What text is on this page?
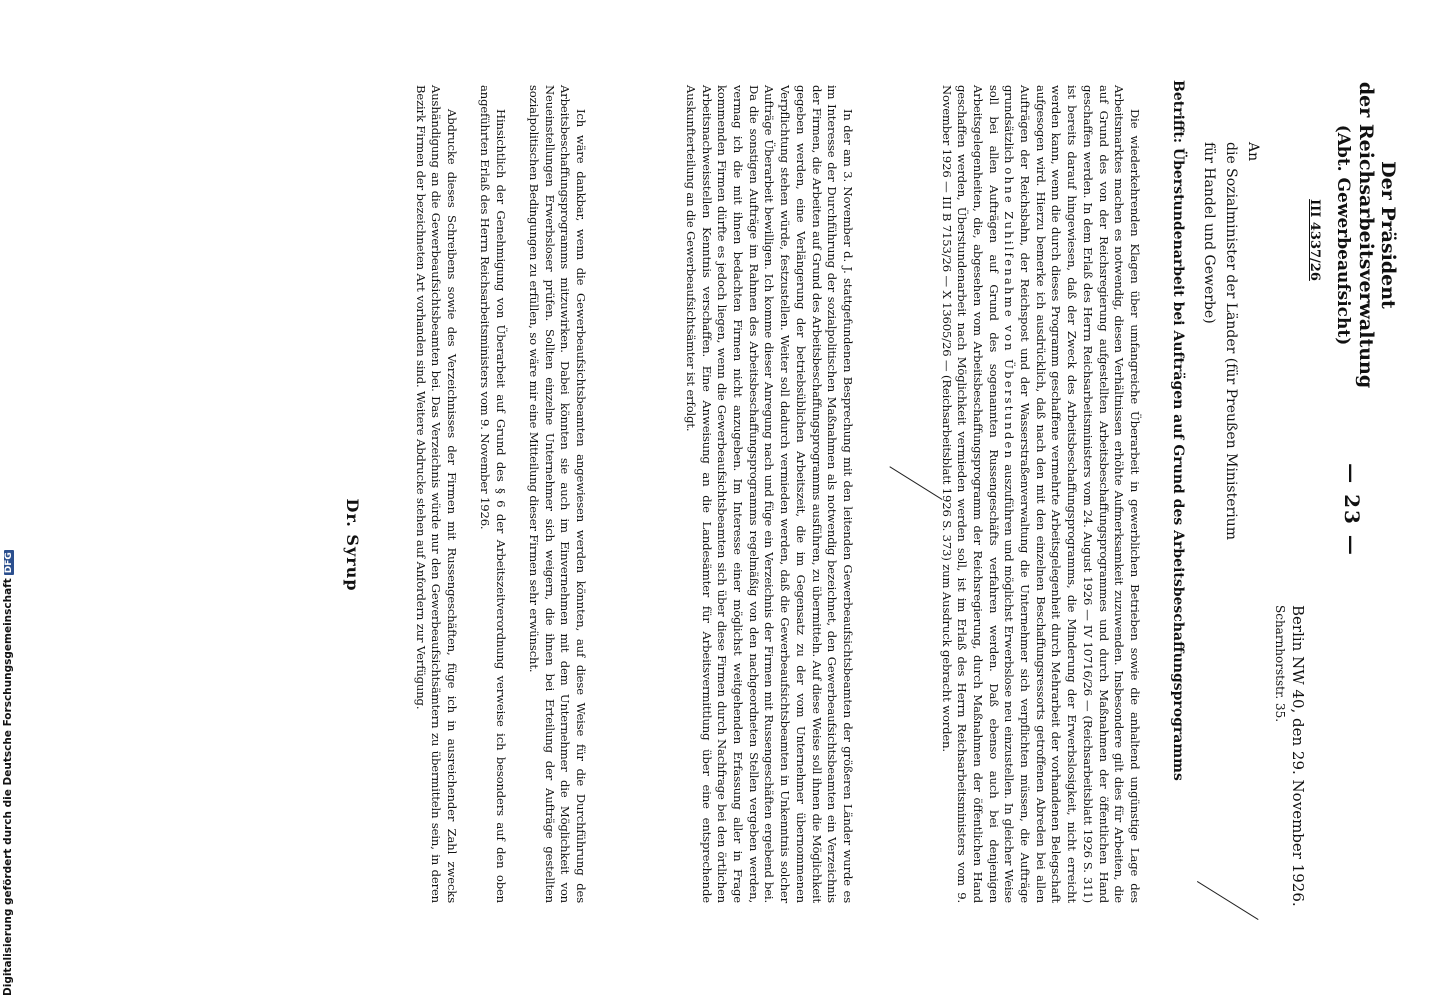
Der Präsident
der Reichsarbeitsverwaltung
(Abt. Gewerbeaufsicht)
III 4337/26
— 23 —
Berlin NW 40, den 29. November 1926.
Scharnhorststr. 35.
An
die Sozialminister der Länder (für Preußen Ministerium
für Handel und Gewerbe)
Betrifft: Überstundenarbeit bei Aufträgen auf Grund des Arbeitsbeschaffungsprogramms

Die wiederkehrenden Klagen über umfangreiche Überarbeit in gewerblichen Betrieben sowie die anhaltend ungünstige Lage des Arbeitsmarktes machen es notwendig, diesen Verhältnissen erhöhte Aufmerksamkeit zuzuwenden. Insbesondere gilt dies für Arbeiten, die auf Grund des von der Reichsregierung aufgestellten Arbeitsbeschaffungsprogrammes und durch Maßnahmen der öffentlichen Hand geschaffen werden. In dem Erlaß des Herrn Reichsarbeitsministers vom 24. August 1926 — IV 10716/26 — (Reichsarbeitsblatt 1926 S. 311) ist bereits darauf hingewiesen, daß der Zweck des Arbeitsbeschaffungsprogramms, die Minderung der Erwerbslosigkeit, nicht erreicht werden kann, wenn die durch dieses Programm geschaffene vermehrte Arbeitsgelegenheit durch Mehrarbeit der vorhandenen Belegschaft aufgesogen wird. Hierzu bemerke ich ausdrücklich, daß nach den mit den einzelnen Beschaffungsressorts getroffenen Abreden bei allen Aufträgen der Reichsbahn, der Reichspost und der Wasserstraßenverwaltung die Unternehmer sich verpflichten müssen, die Aufträge grundsätzlich ohne Zuhilfenahme von Überstunden auszuführen und möglichst Erwerbslose neu einzustellen. In gleicher Weise soll bei allen Aufträgen auf Grund des sogenannten Russengeschäfts verfahren werden. Daß ebenso auch bei denjenigen Arbeitsgelegenheiten, die, abgesehen vom Arbeitsbeschaffungsprogramm der Reichsregierung, durch Maßnahmen der öffentlichen Hand geschaffen werden, Überstundenarbeit nach Möglichkeit vermieden werden soll, ist im Erlaß des Herrn Reichsarbeitsministers vom 9. November 1926 — III B 7153/26 — X 13605/26 — (Reichsarbeitsblatt 1926 S. 373) zum Ausdruck gebracht worden.

In der am 3. November d. J. stattgefundenen Besprechung mit den leitenden Gewerbeaufsichtsbeamten der größeren Länder wurde es im Interesse der Durchführung der sozialpolitischen Maßnahmen als notwendig bezeichnet, den Gewerbeaufsichtsbeamten ein Verzeichnis der Firmen, die Arbeiten auf Grund des Arbeitsbeschaffungsprogramms ausführen, zu übermitteln. Auf diese Weise soll ihnen die Möglichkeit gegeben werden, eine Verlängerung der betriebsüblichen Arbeitszeit, die im Gegensatz zu der vom Unternehmer übernommenen Verpflichtung stehen würde, festzustellen. Weiter soll dadurch vermieden werden, daß die Gewerbeaufsichtsbeamten in Unkenntnis solcher Aufträge Überarbeit bewilligen. Ich komme dieser Anregung nach und füge ein Verzeichnis der Firmen mit Russengeschäften ergebend bei. Da die sonstigen Aufträge im Rahmen des Arbeitsbeschaffungsprogramms regelmäßig von den nachgeordneten Stellen vergeben werden, vermag ich die mit ihnen bedachten Firmen nicht anzugeben. Im Interesse einer möglichst weitgehenden Erfassung aller in Frage kommenden Firmen dürfte es jedoch liegen, wenn die Gewerbeaufsichtsbeamten sich über diese Firmen durch Nachfrage bei den örtlichen Arbeitsnachweisstellen Kenntnis verschaffen. Eine Anweisung an die Landesämter für Arbeitsvermittlung über eine entsprechende Auskunfterteilung an die Gewerbeaufsichtsämter ist erfolgt.

Ich wäre dankbar, wenn die Gewerbeaufsichtsbeamten angewiesen werden könnten, auf diese Weise für die Durchführung des Arbeitsbeschaffungsprogramms mitzuwirken. Dabei könnten sie auch im Einvernehmen mit dem Unternehmer die Möglichkeit von Neueinstellungen Erwerbsloser prüfen. Sollten einzelne Unternehmer sich weigern, die ihnen bei Erteilung der Aufträge gestellten sozialpolitischen Bedingungen zu erfüllen, so wäre mir eine Mitteilung dieser Firmen sehr erwünscht.

Hinsichtlich der Genehmigung von Überarbeit auf Grund des § 6 der Arbeitszeitverordnung verweise ich besonders auf den oben angeführten Erlaß des Herrn Reichsarbeitsministers vom 9. November 1926.

Abdrucke dieses Schreibens sowie des Verzeichnisses der Firmen mit Russengeschäften, füge ich in ausreichender Zahl zwecks Aushändigung an die Gewerbeaufsichtsbeamten bei. Das Verzeichnis würde nur den Gewerbeaufsichtsämtern zu übermitteln sein, in deren Bezirk Firmen der bezeichneten Art vorhanden sind. Weitere Abdrucke stehen auf Anfordern zur Verfügung.

Dr. Syrup
Digitalisierung gefördert durch die Deutsche ForschungsgemeinschaftDFG
